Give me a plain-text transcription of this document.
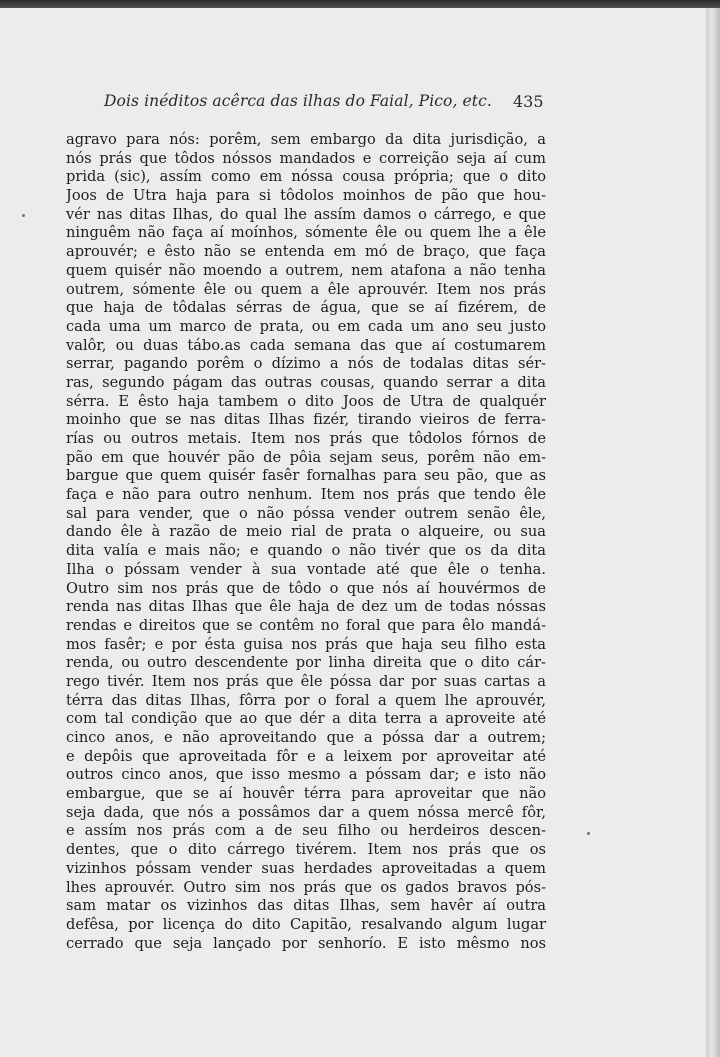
Dois inéditos acêrca das ilhas do Faial, Pico, etc. 435
agravo para nós: porêm, sem embargo da dita jurisdição, a
nós prás que tôdos nóssos mandados e correição seja aí cum
prida (sic), assím como em nóssa cousa própria; que o dito
Joos de Utra haja para si tôdolos moinhos de pão que hou-
vér nas ditas Ilhas, do qual lhe assím damos o cárrego, e que
ninguêm não faça aí moínhos, sómente êle ou quem lhe a êle
aprouvér; e êsto não se entenda em mó de braço, que faça
quem quisér não moendo a outrem, nem atafona a não tenha
outrem, sómente êle ou quem a êle aprouvér. Item nos prás
que haja de tôdalas sérras de água, que se aí fizérem, de
cada uma um marco de prata, ou em cada um ano seu justo
valôr, ou duas tábo.as cada semana das que aí costumarem
serrar, pagando porêm o dízimo a nós de todalas ditas sér-
ras, segundo págam das outras cousas, quando serrar a dita
sérra. E êsto haja tambem o dito Joos de Utra de qualquér
moinho que se nas ditas Ilhas fizér, tirando vieiros de ferra-
rías ou outros metais. Item nos prás que tôdolos fórnos de
pão em que houvér pão de pôia sejam seus, porêm não em-
bargue que quem quisér fasêr fornalhas para seu pão, que as
faça e não para outro nenhum. Item nos prás que tendo êle
sal para vender, que o não póssa vender outrem senão êle,
dando êle à razão de meio rial de prata o alqueire, ou sua
dita valía e mais não; e quando o não tivér que os da dita
Ilha o póssam vender à sua vontade até que êle o tenha.
Outro sim nos prás que de tôdo o que nós aí houvérmos de
renda nas ditas Ilhas que êle haja de dez um de todas nóssas
rendas e direitos que se contêm no foral que para êlo mandá-
mos fasêr; e por ésta guisa nos prás que haja seu filho esta
renda, ou outro descendente por linha direita que o dito cár-
rego tivér. Item nos prás que êle póssa dar por suas cartas a
térra das ditas Ilhas, fôrra por o foral a quem lhe aprouvér,
com tal condição que ao que dér a dita terra a aproveite até
cinco anos, e não aproveitando que a póssa dar a outrem;
e depôis que aproveitada fôr e a leixem por aproveitar até
outros cinco anos, que isso mesmo a póssam dar; e isto não
embargue, que se aí houvêr térra para aproveitar que não
seja dada, que nós a possâmos dar a quem nóssa mercê fôr,
e assím nos prás com a de seu filho ou herdeiros descen-
dentes, que o dito cárrego tivérem. Item nos prás que os
vizinhos póssam vender suas herdades aproveitadas a quem
lhes aprouvér. Outro sim nos prás que os gados bravos pós-
sam matar os vizinhos das ditas Ilhas, sem havêr aí outra
defêsa, por licença do dito Capitão, resalvando algum lugar
cerrado que seja lançado por senhorío. E isto mêsmo nos
